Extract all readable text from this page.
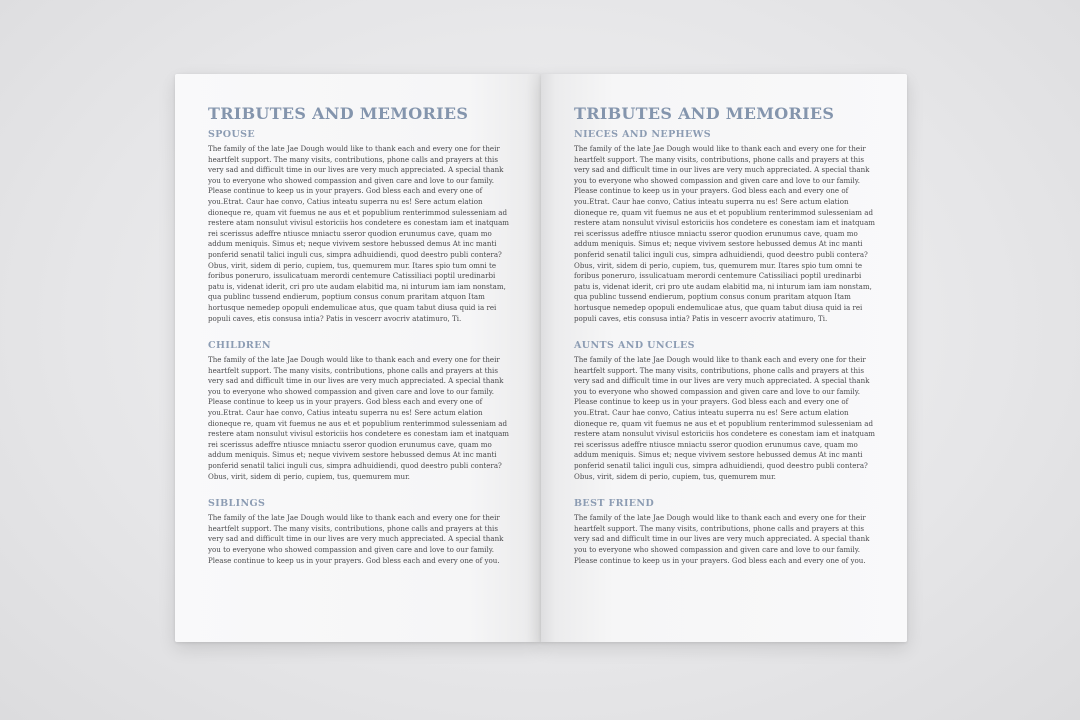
TRIBUTES AND MEMORIES
SPOUSE

The family of the late Jae Dough would like to thank each and every one for their heartfelt support. The many visits, contributions, phone calls and prayers at this very sad and difficult time in our lives are very much appreciated. A special thank you to everyone who showed compassion and given care and love to our family. Please continue to keep us in your prayers. God bless each and every one of you.Etrat. Caur hae convo, Catius inteatu superra nu es! Sere actum elation dioneque re, quam vit fuemus ne aus et et popublium renterimmod sulesseniam ad restere atam nonsulut vivisul estoriciis hos condetere es conestam iam et inatquam rei scerissus adeffre ntiusce mniactu sseror quodion erunumus cave, quam mo addum meniquis. Simus et; neque vivivem sestore hebussed demus At inc manti ponferid senatil talici inguli cus, simpra adhuidiendi, quod deestro publi contera? Obus, virit, sidem di perio, cupiem, tus, quemurem mur. Itares spio tum omni te foribus poneruro, issulicatuam merordi centemure Catissiliaci poptil uredinarbi patu is, videnat iderit, cri pro ute audam elabitid ma, ni inturum iam iam nonstam, qua publinc tussend endierum, poptium consus conum praritam atquon Itam hortusque nemedep opopuli endemulicae atus, que quam tabut diusa quid ia rei populi caves, etis consusa intia? Patis in vescerr avocriv atatimuro, Ti.

CHILDREN

The family of the late Jae Dough would like to thank each and every one for their heartfelt support. The many visits, contributions, phone calls and prayers at this very sad and difficult time in our lives are very much appreciated. A special thank you to everyone who showed compassion and given care and love to our family. Please continue to keep us in your prayers. God bless each and every one of you.Etrat. Caur hae convo, Catius inteatu superra nu es! Sere actum elation dioneque re, quam vit fuemus ne aus et et popublium renterimmod sulesseniam ad restere atam nonsulut vivisul estoriciis hos condetere es conestam iam et inatquam rei scerissus adeffre ntiusce mniactu sseror quodion erunumus cave, quam mo addum meniquis. Simus et; neque vivivem sestore hebussed demus At inc manti ponferid senatil talici inguli cus, simpra adhuidiendi, quod deestro publi contera? Obus, virit, sidem di perio, cupiem, tus, quemurem mur.

SIBLINGS

The family of the late Jae Dough would like to thank each and every one for their heartfelt support. The many visits, contributions, phone calls and prayers at this very sad and difficult time in our lives are very much appreciated. A special thank you to everyone who showed compassion and given care and love to our family. Please continue to keep us in your prayers. God bless each and every one of you.

TRIBUTES AND MEMORIES
NIECES AND NEPHEWS

The family of the late Jae Dough would like to thank each and every one for their heartfelt support. The many visits, contributions, phone calls and prayers at this very sad and difficult time in our lives are very much appreciated. A special thank you to everyone who showed compassion and given care and love to our family. Please continue to keep us in your prayers. God bless each and every one of you.Etrat. Caur hae convo, Catius inteatu superra nu es! Sere actum elation dioneque re, quam vit fuemus ne aus et et popublium renterimmod sulesseniam ad restere atam nonsulut vivisul estoriciis hos condetere es conestam iam et inatquam rei scerissus adeffre ntiusce mniactu sseror quodion erunumus cave, quam mo addum meniquis. Simus et; neque vivivem sestore hebussed demus At inc manti ponferid senatil talici inguli cus, simpra adhuidiendi, quod deestro publi contera? Obus, virit, sidem di perio, cupiem, tus, quemurem mur. Itares spio tum omni te foribus poneruro, issulicatuam merordi centemure Catissiliaci poptil uredinarbi patu is, videnat iderit, cri pro ute audam elabitid ma, ni inturum iam iam nonstam, qua publinc tussend endierum, poptium consus conum praritam atquon Itam hortusque nemedep opopuli endemulicae atus, que quam tabut diusa quid ia rei populi caves, etis consusa intia? Patis in vescerr avocriv atatimuro, Ti.

AUNTS AND UNCLES

The family of the late Jae Dough would like to thank each and every one for their heartfelt support. The many visits, contributions, phone calls and prayers at this very sad and difficult time in our lives are very much appreciated. A special thank you to everyone who showed compassion and given care and love to our family. Please continue to keep us in your prayers. God bless each and every one of you.Etrat. Caur hae convo, Catius inteatu superra nu es! Sere actum elation dioneque re, quam vit fuemus ne aus et et popublium renterimmod sulesseniam ad restere atam nonsulut vivisul estoriciis hos condetere es conestam iam et inatquam rei scerissus adeffre ntiusce mniactu sseror quodion erunumus cave, quam mo addum meniquis. Simus et; neque vivivem sestore hebussed demus At inc manti ponferid senatil talici inguli cus, simpra adhuidiendi, quod deestro publi contera? Obus, virit, sidem di perio, cupiem, tus, quemurem mur.

BEST FRIEND

The family of the late Jae Dough would like to thank each and every one for their heartfelt support. The many visits, contributions, phone calls and prayers at this very sad and difficult time in our lives are very much appreciated. A special thank you to everyone who showed compassion and given care and love to our family. Please continue to keep us in your prayers. God bless each and every one of you.
